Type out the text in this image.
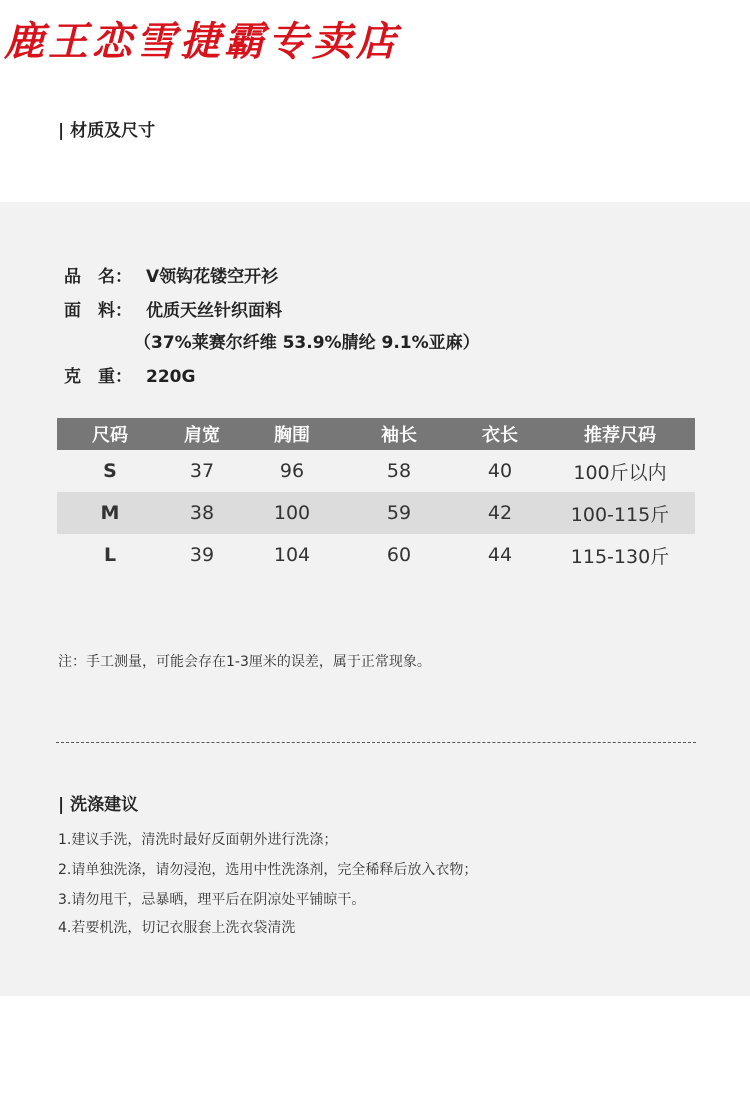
鹿王恋雪捷霸专卖店
| 材质及尺寸
品　名： V领钩花镂空开衫
面　料： 优质天丝针织面料
（37%莱赛尔纤维 53.9%腈纶 9.1%亚麻）
克　重： 220G
尺码	肩宽	胸围	袖长	衣长	推荐尺码
S	37	96	58	40	100斤以内
M	38	100	59	42	100-115斤
L	39	104	60	44	115-130斤
注：手工测量，可能会存在1-3厘米的误差，属于正常现象。
| 洗涤建议
1.建议手洗，清洗时最好反面朝外进行洗涤；
2.请单独洗涤，请勿浸泡，选用中性洗涤剂，完全稀释后放入衣物；
3.请勿甩干，忌暴晒，理平后在阴凉处平铺晾干。
4.若要机洗，切记衣服套上洗衣袋清洗
